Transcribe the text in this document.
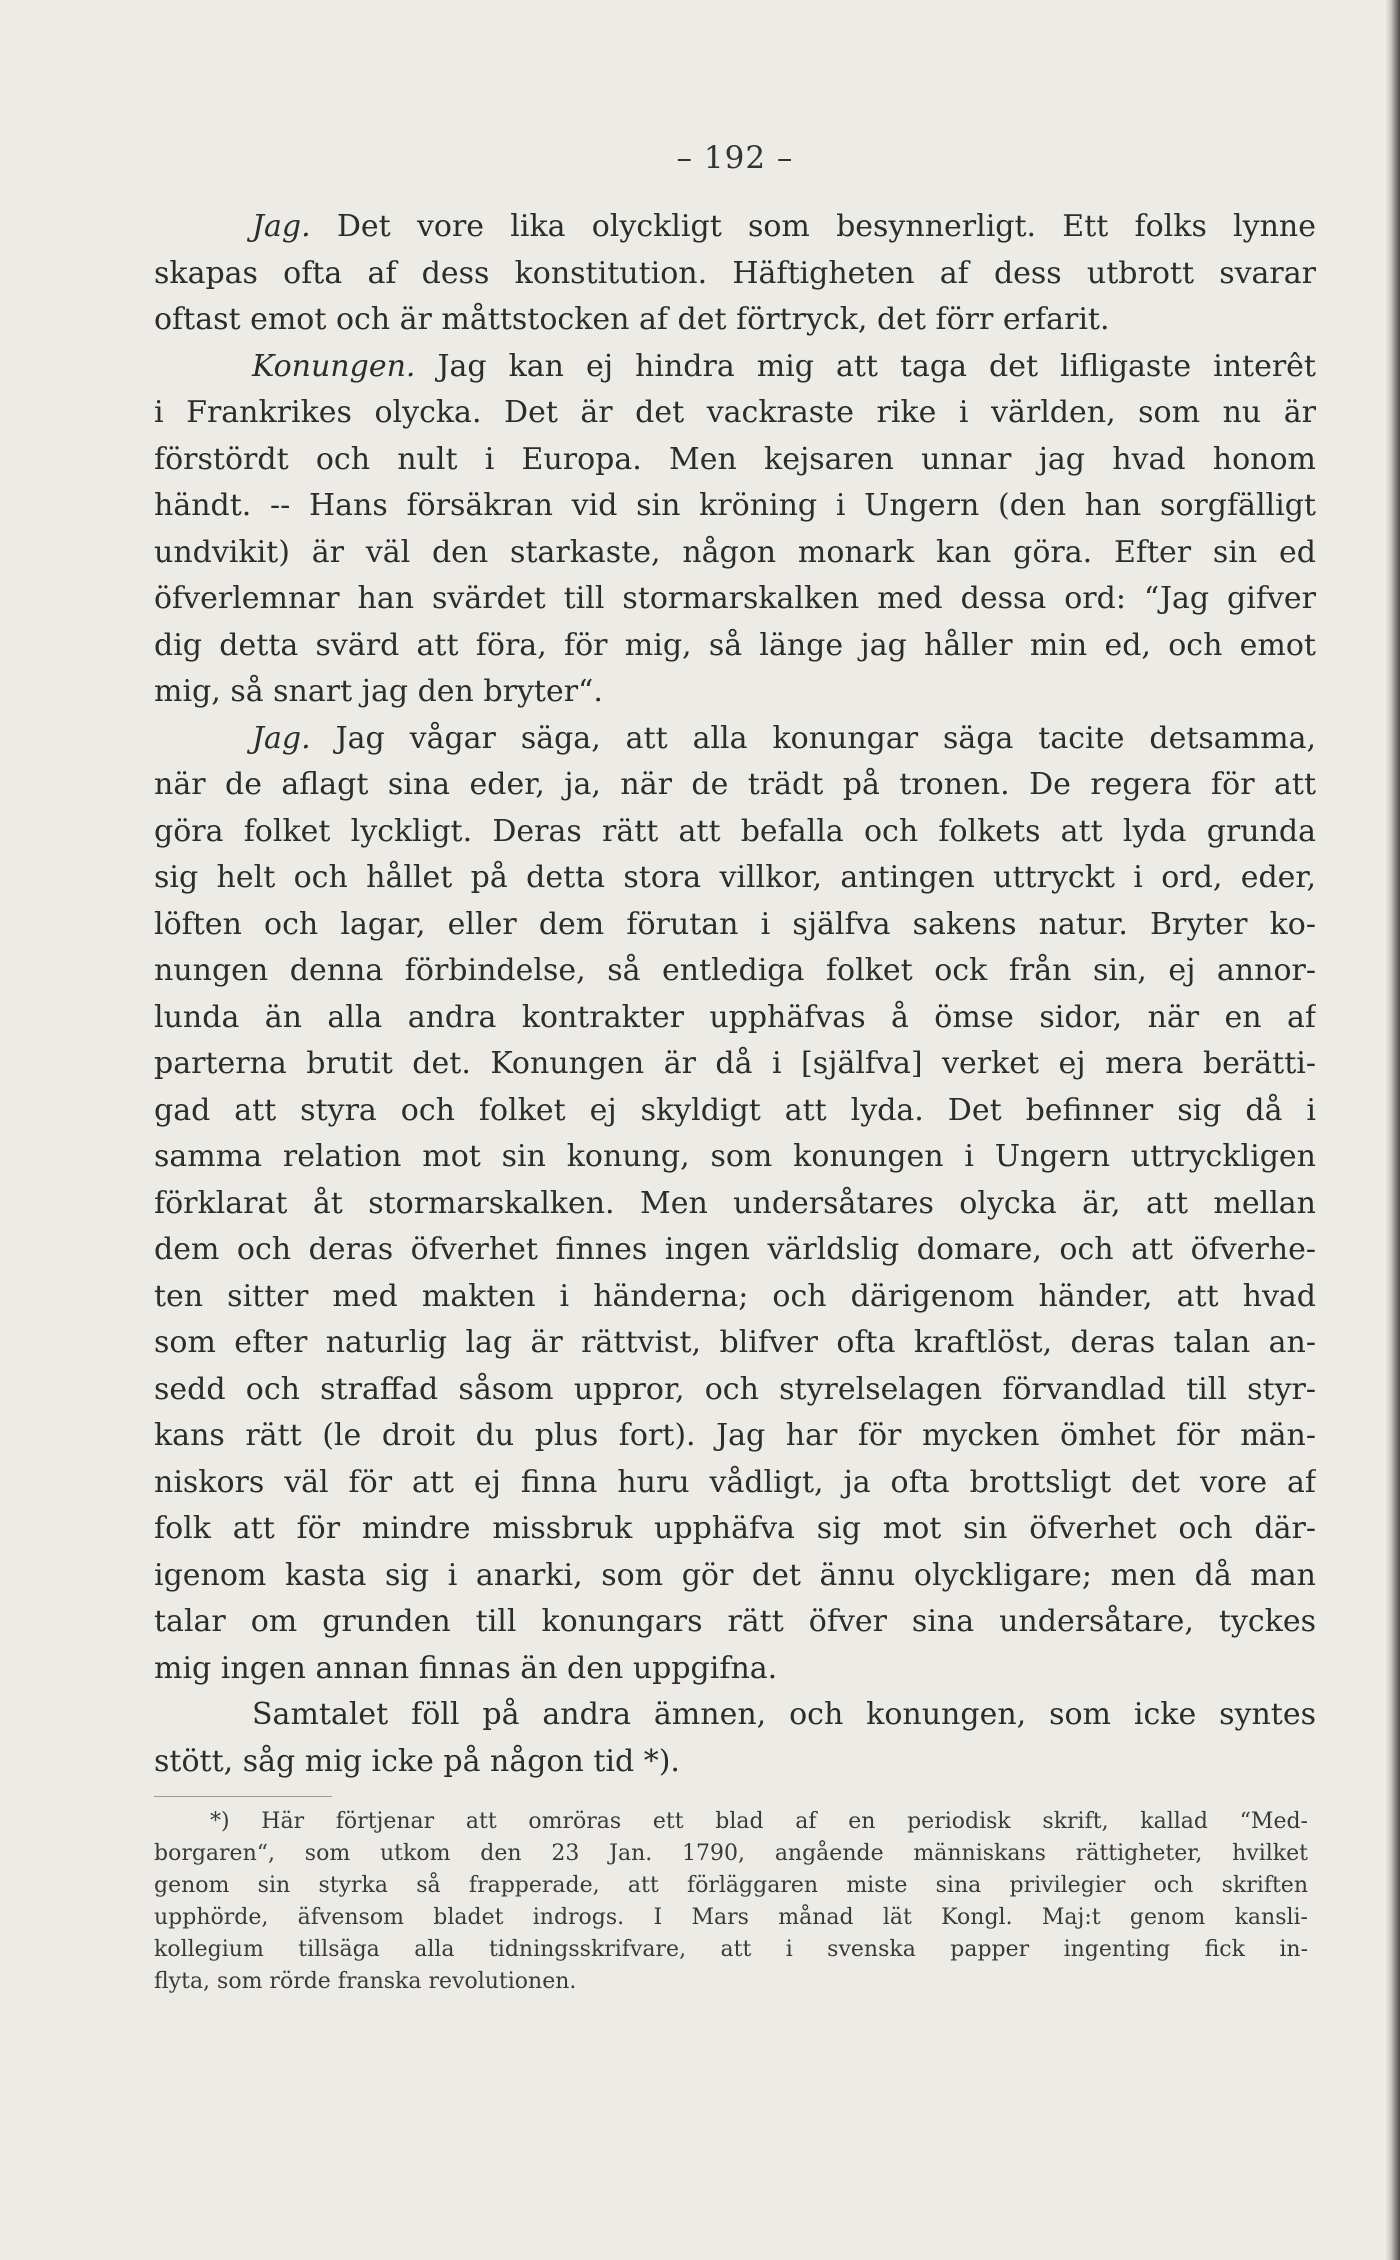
– 192 –
Jag. Det vore lika olyckligt som besynnerligt. Ett folks lynne
skapas ofta af dess konstitution. Häftigheten af dess utbrott svarar
oftast emot och är måttstocken af det förtryck, det förr erfarit.
Konungen. Jag kan ej hindra mig att taga det lifligaste interêt
i Frankrikes olycka. Det är det vackraste rike i världen, som nu är
förstördt och nult i Europa. Men kejsaren unnar jag hvad honom
händt. -- Hans försäkran vid sin kröning i Ungern (den han sorgfälligt
undvikit) är väl den starkaste, någon monark kan göra. Efter sin ed
öfverlemnar han svärdet till stormarskalken med dessa ord: “Jag gifver
dig detta svärd att föra, för mig, så länge jag håller min ed, och emot
mig, så snart jag den bryter“.
Jag. Jag vågar säga, att alla konungar säga tacite detsamma,
när de aflagt sina eder, ja, när de trädt på tronen. De regera för att
göra folket lyckligt. Deras rätt att befalla och folkets att lyda grunda
sig helt och hållet på detta stora villkor, antingen uttryckt i ord, eder,
löften och lagar, eller dem förutan i själfva sakens natur. Bryter ko-
nungen denna förbindelse, så entlediga folket ock från sin, ej annor-
lunda än alla andra kontrakter upphäfvas å ömse sidor, när en af
parterna brutit det. Konungen är då i [själfva] verket ej mera berätti-
gad att styra och folket ej skyldigt att lyda. Det befinner sig då i
samma relation mot sin konung, som konungen i Ungern uttryckligen
förklarat åt stormarskalken. Men undersåtares olycka är, att mellan
dem och deras öfverhet finnes ingen världslig domare, och att öfverhe-
ten sitter med makten i händerna; och därigenom händer, att hvad
som efter naturlig lag är rättvist, blifver ofta kraftlöst, deras talan an-
sedd och straffad såsom uppror, och styrelselagen förvandlad till styr-
kans rätt (le droit du plus fort). Jag har för mycken ömhet för män-
niskors väl för att ej finna huru vådligt, ja ofta brottsligt det vore af
folk att för mindre missbruk upphäfva sig mot sin öfverhet och där-
igenom kasta sig i anarki, som gör det ännu olyckligare; men då man
talar om grunden till konungars rätt öfver sina undersåtare, tyckes
mig ingen annan finnas än den uppgifna.
Samtalet föll på andra ämnen, och konungen, som icke syntes
stött, såg mig icke på någon tid *).
*) Här förtjenar att omröras ett blad af en periodisk skrift, kallad “Med-
borgaren“, som utkom den 23 Jan. 1790, angående människans rättigheter, hvilket
genom sin styrka så frapperade, att förläggaren miste sina privilegier och skriften
upphörde, äfvensom bladet indrogs. I Mars månad lät Kongl. Maj:t genom kansli-
kollegium tillsäga alla tidningsskrifvare, att i svenska papper ingenting fick in-
flyta, som rörde franska revolutionen.
